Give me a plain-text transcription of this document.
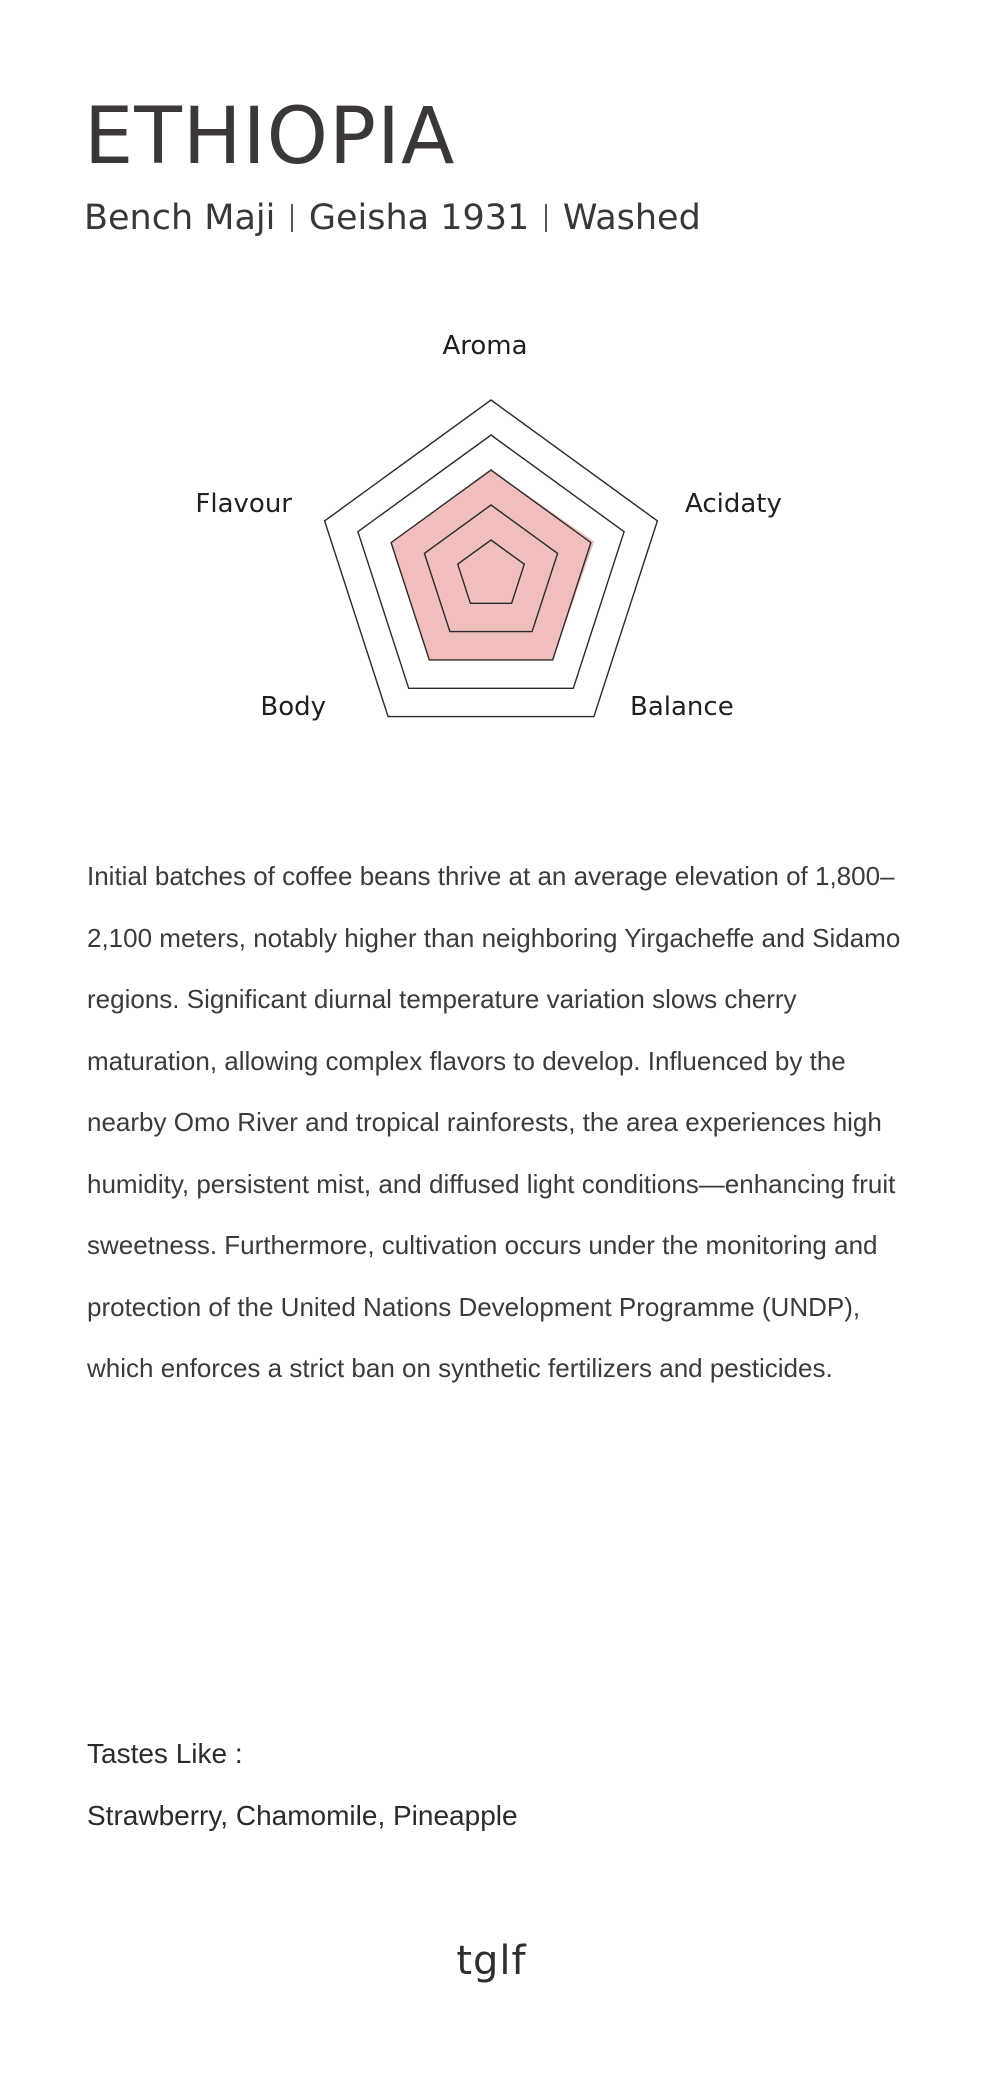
ETHIOPIA
Bench Maji Geisha 1931 Washed
Aroma
Acidaty
Balance
Body
Flavour

Initial batches of coffee beans thrive at an average elevation of 1,800–2,100 meters, notably higher than neighboring Yirgacheffe and Sidamo regions. Significant diurnal temperature variation slows cherry maturation, allowing complex flavors to develop. Influenced by the nearby Omo River and tropical rainforests, the area experiences high humidity, persistent mist, and diffused light conditions—enhancing fruit sweetness. Furthermore, cultivation occurs under the monitoring and protection of the United Nations Development Programme (UNDP), which enforces a strict ban on synthetic fertilizers and pesticides.

Tastes Like :
Strawberry, Chamomile, Pineapple
tglf
